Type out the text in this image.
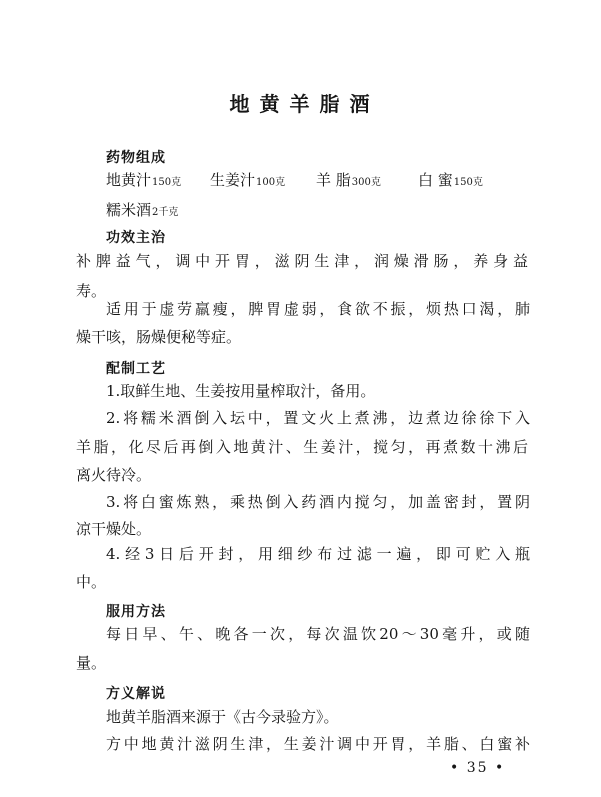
地黄羊脂酒
药物组成
地黄汁150克 生姜汁100克 羊 脂300克 白 蜜150克
糯米酒2千克
功效主治
补脾益气，调中开胃，滋阴生津，润燥滑肠，养身益
寿。
适用于虚劳羸瘦，脾胃虚弱，食欲不振，烦热口渴，肺
燥干咳，肠燥便秘等症。
配制工艺
1.取鲜生地、生姜按用量榨取汁，备用。
2.将糯米酒倒入坛中，置文火上煮沸，边煮边徐徐下入
羊脂，化尽后再倒入地黄汁、生姜汁，搅匀，再煮数十沸后
离火待冷。
3.将白蜜炼熟，乘热倒入药酒内搅匀，加盖密封，置阴
凉干燥处。
4.经3日后开封，用细纱布过滤一遍，即可贮入瓶
中。
服用方法
每日早、午、晚各一次，每次温饮20～30毫升，或随
量。
方义解说
地黄羊脂酒来源于《古今录验方》。
方中地黄汁滋阴生津，生姜汁调中开胃，羊脂、白蜜补
• 35 •
